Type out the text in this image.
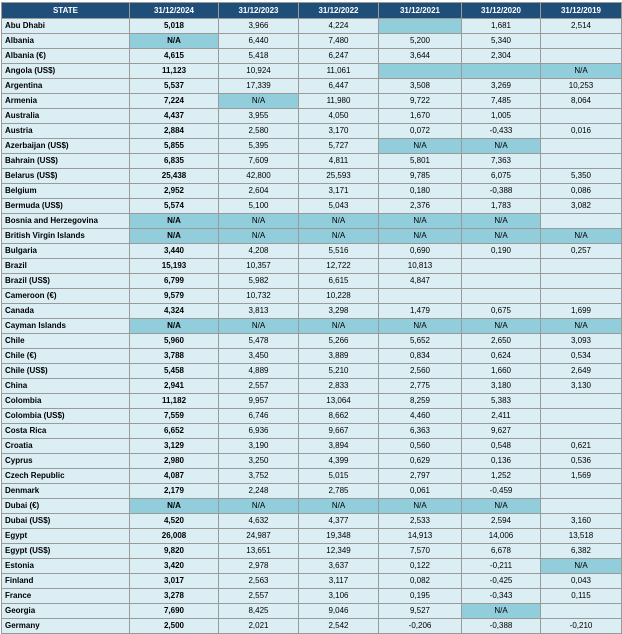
STATE	31/12/2024	31/12/2023	31/12/2022	31/12/2021	31/12/2020	31/12/2019
Abu Dhabi	5,018	3,966	4,224		1,681	2,514
Albania	N/A	6,440	7,480	5,200	5,340	
Albania (€)	4,615	5,418	6,247	3,644	2,304	
Angola (US$)	11,123	10,924	11,061			N/A
Argentina	5,537	17,339	6,447	3,508	3,269	10,253
Armenia	7,224	N/A	11,980	9,722	7,485	8,064
Australia	4,437	3,955	4,050	1,670	1,005	
Austria	2,884	2,580	3,170	0,072	-0,433	0,016
Azerbaijan (US$)	5,855	5,395	5,727	N/A	N/A	
Bahrain (US$)	6,835	7,609	4,811	5,801	7,363	
Belarus (US$)	25,438	42,800	25,593	9,785	6,075	5,350
Belgium	2,952	2,604	3,171	0,180	-0,388	0,086
Bermuda (US$)	5,574	5,100	5,043	2,376	1,783	3,082
Bosnia and Herzegovina	N/A	N/A	N/A	N/A	N/A	
British Virgin Islands	N/A	N/A	N/A	N/A	N/A	N/A
Bulgaria	3,440	4,208	5,516	0,690	0,190	0,257
Brazil	15,193	10,357	12,722	10,813		
Brazil (US$)	6,799	5,982	6,615	4,847		
Cameroon (€)	9,579	10,732	10,228			
Canada	4,324	3,813	3,298	1,479	0,675	1,699
Cayman Islands	N/A	N/A	N/A	N/A	N/A	N/A
Chile	5,960	5,478	5,266	5,652	2,650	3,093
Chile (€)	3,788	3,450	3,889	0,834	0,624	0,534
Chile (US$)	5,458	4,889	5,210	2,560	1,660	2,649
China	2,941	2,557	2,833	2,775	3,180	3,130
Colombia	11,182	9,957	13,064	8,259	5,383	
Colombia (US$)	7,559	6,746	8,662	4,460	2,411	
Costa Rica	6,652	6,936	9,667	6,363	9,627	
Croatia	3,129	3,190	3,894	0,560	0,548	0,621
Cyprus	2,980	3,250	4,399	0,629	0,136	0,536
Czech Republic	4,087	3,752	5,015	2,797	1,252	1,569
Denmark	2,179	2,248	2,785	0,061	-0,459	
Dubai (€)	N/A	N/A	N/A	N/A	N/A	
Dubai (US$)	4,520	4,632	4,377	2,533	2,594	3,160
Egypt	26,008	24,987	19,348	14,913	14,006	13,518
Egypt (US$)	9,820	13,651	12,349	7,570	6,678	6,382
Estonia	3,420	2,978	3,637	0,122	-0,211	N/A
Finland	3,017	2,563	3,117	0,082	-0,425	0,043
France	3,278	2,557	3,106	0,195	-0,343	0,115
Georgia	7,690	8,425	9,046	9,527	N/A	
Germany	2,500	2,021	2,542	-0,206	-0,388	-0,210
